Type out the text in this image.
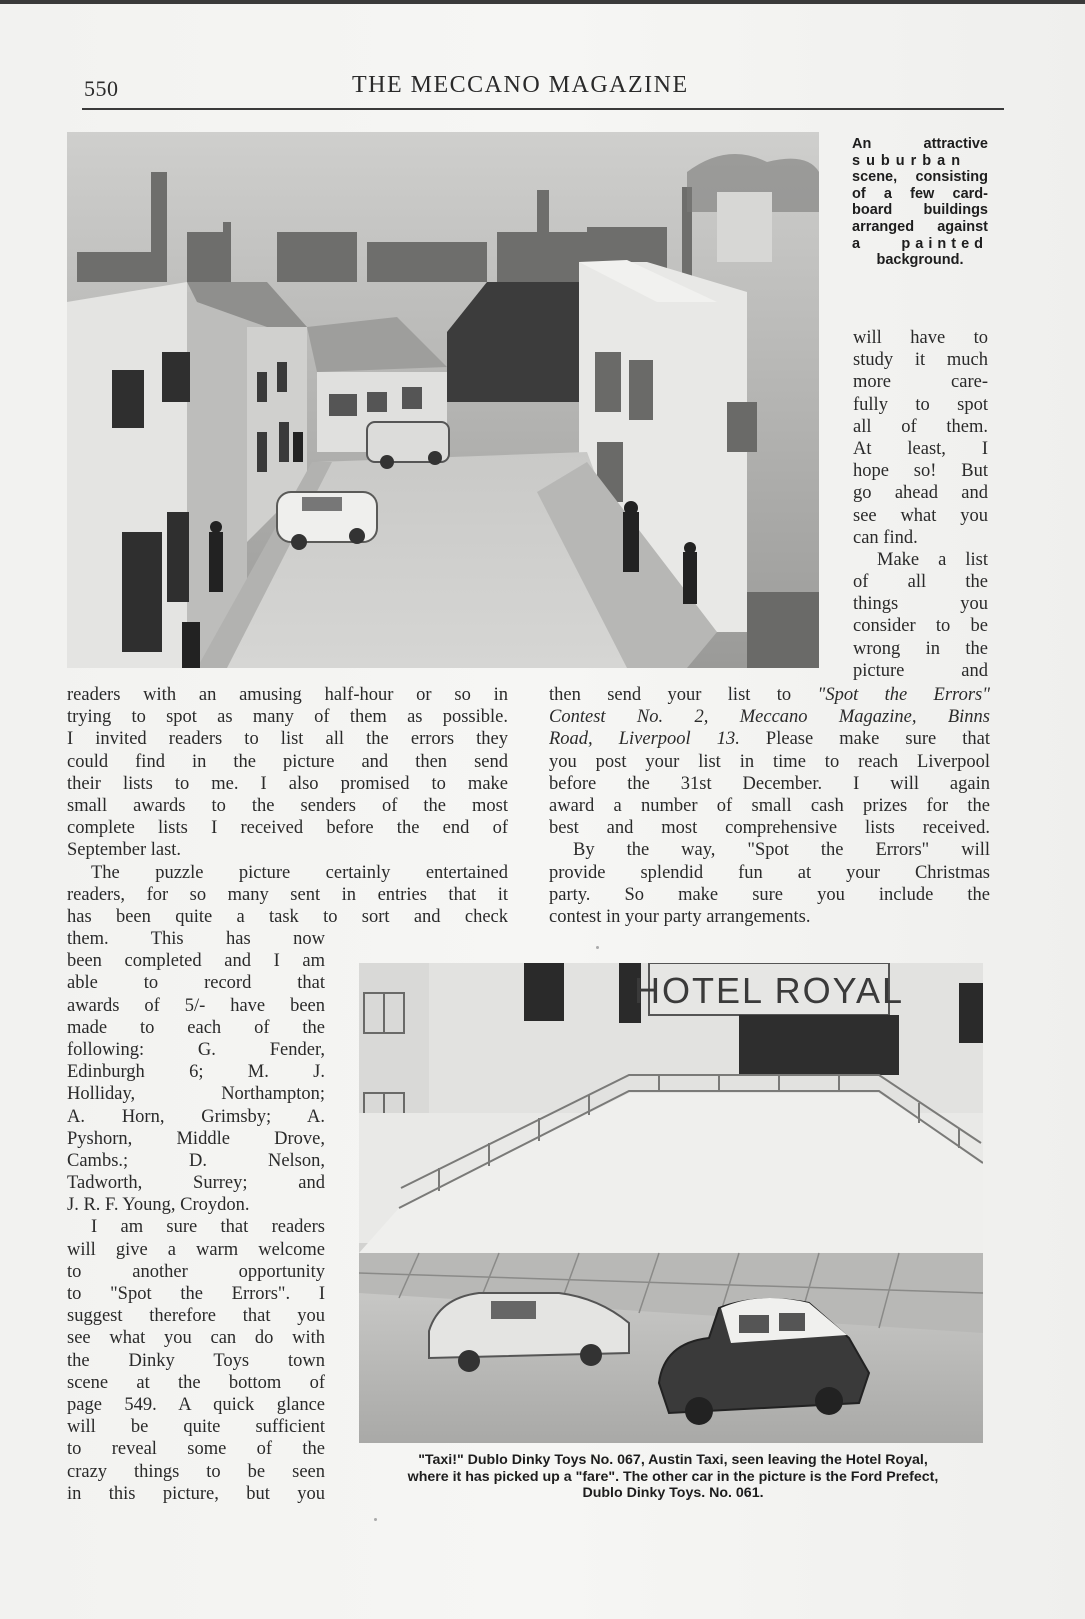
550	THE MECCANO MAGAZINE
An attractive
suburban
scene, consisting
of a few card-
board buildings
arranged against
a painted
background.
will have to
study it much
more care-
fully to spot
all of them.
At least, I
hope so! But
go ahead and
see what you
can find.
Make a list
of all the
things you
consider to be
wrong in the
picture and
readers with an amusing half-hour or so in
trying to spot as many of them as possible.
I invited readers to list all the errors they
could find in the picture and then send
their lists to me. I also promised to make
small awards to the senders of the most
complete lists I received before the end of
September last.
The puzzle picture certainly entertained
readers, for so many sent in entries that it
has been quite a task to sort and check
then send your list to "Spot the Errors"
Contest No. 2, Meccano Magazine, Binns
Road, Liverpool 13. Please make sure that
you post your list in time to reach Liverpool
before the 31st December. I will again
award a number of small cash prizes for the
best and most comprehensive lists received.
By the way, "Spot the Errors" will
provide splendid fun at your Christmas
party. So make sure you include the
contest in your party arrangements.
them. This has now
been completed and I am
able to record that
awards of 5/- have been
made to each of the
following: G. Fender,
Edinburgh 6; M. J.
Holliday, Northampton;
A. Horn, Grimsby; A.
Pyshorn, Middle Drove,
Cambs.; D. Nelson,
Tadworth, Surrey; and
J. R. F. Young, Croydon.
I am sure that readers
will give a warm welcome
to another opportunity
to "Spot the Errors". I
suggest therefore that you
see what you can do with
the Dinky Toys town
scene at the bottom of
page 549. A quick glance
will be quite sufficient
to reveal some of the
crazy things to be seen
in this picture, but you
HOTEL ROYAL
"Taxi!" Dublo Dinky Toys No. 067, Austin Taxi, seen leaving the Hotel Royal,
where it has picked up a "fare". The other car in the picture is the Ford Prefect,
Dublo Dinky Toys. No. 061.
